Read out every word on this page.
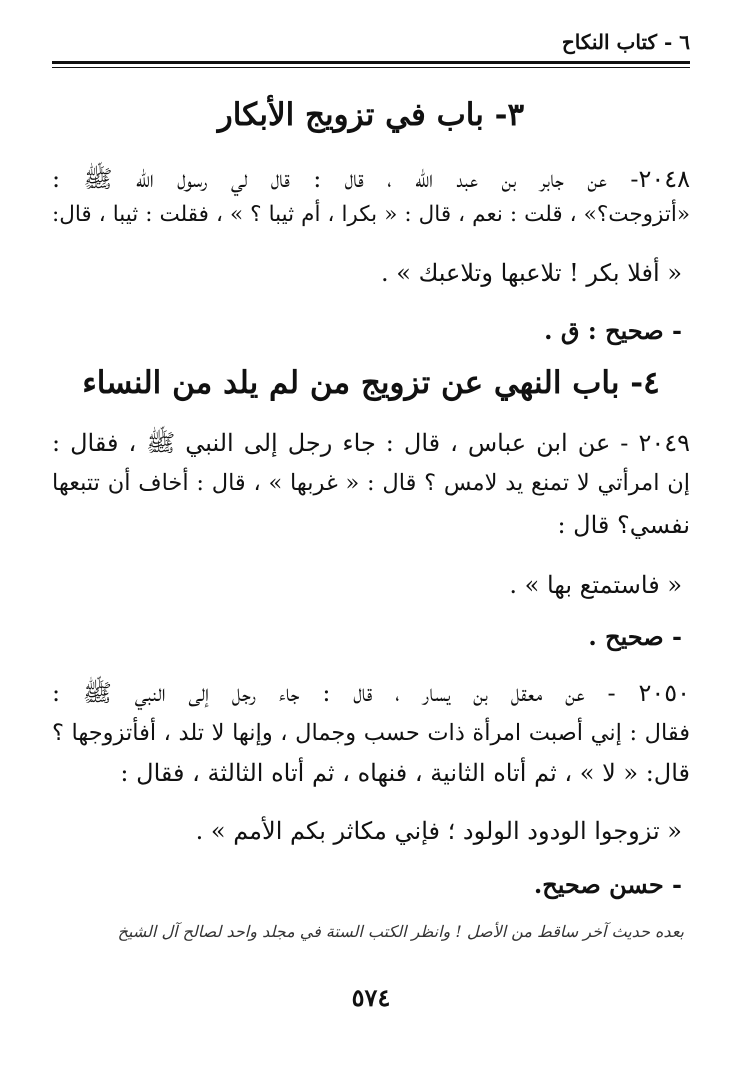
٦ - كتاب النكاح
٣- باب في تزويج الأبكار
٢٠٤٨- عن جابر بن عبد الله ، قال : قال لي رسول الله ﷺ :
«أتزوجت؟» ، قلت : نعم ، قال : « بكرا ، أم ثيبا ؟ » ، فقلت : ثيبا ، قال:
« أفلا بكر ! تلاعبها وتلاعبك » .
- صحيح : ق .
٤- باب النهي عن تزويج من لم يلد من النساء
٢٠٤٩ - عن ابن عباس ، قال : جاء رجل إلى النبي ﷺ ، فقال :
إن امرأتي لا تمنع يد لامس ؟ قال : « غربها » ، قال : أخاف أن تتبعها
نفسي؟ قال :
« فاستمتع بها » .
- صحيح .
٢٠٥٠ - عن معقل بن يسار ، قال : جاء رجل إلى النبي ﷺ :
فقال : إني أصبت امرأة ذات حسب وجمال ، وإنها لا تلد ، أفأتزوجها ؟
قال: « لا » ، ثم أتاه الثانية ، فنهاه ، ثم أتاه الثالثة ، فقال :
« تزوجوا الودود الولود ؛ فإني مكاثر بكم الأمم » .
- حسن صحيح.
بعده حديث آخر ساقط من الأصل ! وانظر الكتب الستة في مجلد واحد لصالح آل الشيخ
٥٧٤
